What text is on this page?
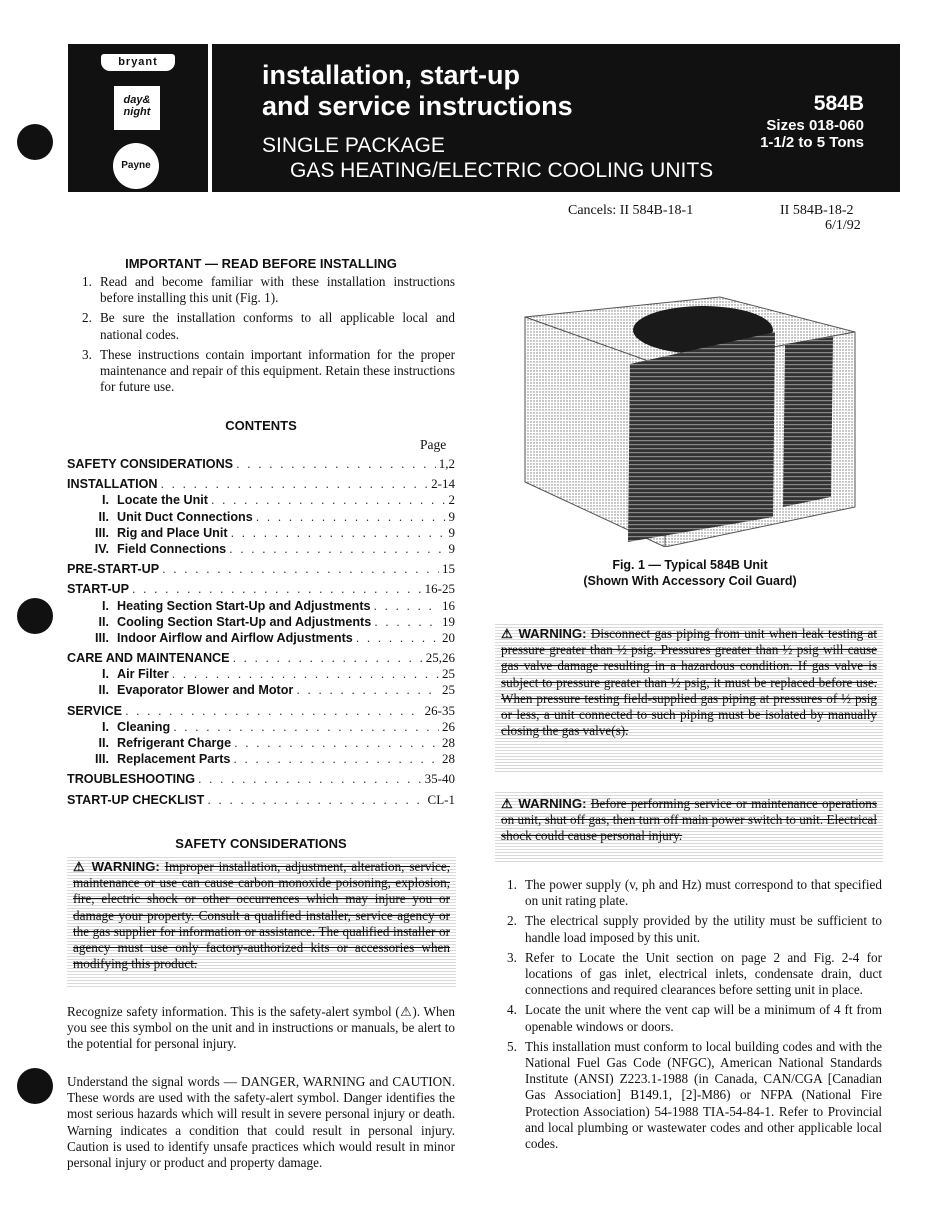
bryant
day& night
Payne
installation, start-up
and service instructions
SINGLE PACKAGE
GAS HEATING/ELECTRIC COOLING UNITS
584B
Sizes 018-060
1-1/2 to 5 Tons
Cancels: II 584B-18-1	II 584B-18-2
6/1/92
IMPORTANT — READ BEFORE INSTALLING
1. Read and become familiar with these installation instructions before installing this unit (Fig. 1).
2. Be sure the installation conforms to all applicable local and national codes.
3. These instructions contain important information for the proper maintenance and repair of this equipment. Retain these instructions for future use.
CONTENTS
Page
SAFETY CONSIDERATIONS . . .	1,2
INSTALLATION . . .	2-14
I. Locate the Unit . . .	2
II. Unit Duct Connections . . .	9
III. Rig and Place Unit . . .	9
IV. Field Connections . . .	9
PRE-START-UP . . .	15
START-UP . . .	16-25
I. Heating Section Start-Up and Adjustments . . .	16
II. Cooling Section Start-Up and Adjustments . . .	19
III. Indoor Airflow and Airflow Adjustments . . .	20
CARE AND MAINTENANCE . . .	25,26
I. Air Filter . . .	25
II. Evaporator Blower and Motor . . .	25
SERVICE . . .	26-35
I. Cleaning . . .	26
II. Refrigerant Charge . . .	28
III. Replacement Parts . . .	28
TROUBLESHOOTING . . .	35-40
START-UP CHECKLIST . . .	CL-1
SAFETY CONSIDERATIONS
⚠ WARNING: Improper installation, adjustment, alteration, service, maintenance or use can cause carbon monoxide poisoning, explosion, fire, electric shock or other occurrences which may injure you or damage your property. Consult a qualified installer, service agency or the gas supplier for information or assistance. The qualified installer or agency must use only factory-authorized kits or accessories when modifying this product.
Recognize safety information. This is the safety-alert symbol (⚠). When you see this symbol on the unit and in instructions or manuals, be alert to the potential for personal injury.
Understand the signal words — DANGER, WARNING and CAUTION. These words are used with the safety-alert symbol. Danger identifies the most serious hazards which will result in severe personal injury or death. Warning indicates a condition that could result in personal injury. Caution is used to identify unsafe practices which would result in minor personal injury or product and property damage.
Fig. 1 — Typical 584B Unit
(Shown With Accessory Coil Guard)
⚠ WARNING: Disconnect gas piping from unit when leak testing at pressure greater than ½ psig. Pressures greater than ½ psig will cause gas valve damage resulting in a hazardous condition. If gas valve is subject to pressure greater than ½ psig, it must be replaced before use. When pressure testing field-supplied gas piping at pressures of ½ psig or less, a unit connected to such piping must be isolated by manually closing the gas valve(s).
⚠ WARNING: Before performing service or maintenance operations on unit, shut off gas, then turn off main power switch to unit. Electrical shock could cause personal injury.
1. The power supply (v, ph and Hz) must correspond to that specified on unit rating plate.
2. The electrical supply provided by the utility must be sufficient to handle load imposed by this unit.
3. Refer to Locate the Unit section on page 2 and Fig. 2-4 for locations of gas inlet, electrical inlets, condensate drain, duct connections and required clearances before setting unit in place.
4. Locate the unit where the vent cap will be a minimum of 4 ft from openable windows or doors.
5. This installation must conform to local building codes and with the National Fuel Gas Code (NFGC), American National Standards Institute (ANSI) Z223.1-1988 (in Canada, CAN/CGA [Canadian Gas Association] B149.1, [2]-M86) or NFPA (National Fire Protection Association) 54-1988 TIA-54-84-1. Refer to Provincial and local plumbing or wastewater codes and other applicable local codes.
